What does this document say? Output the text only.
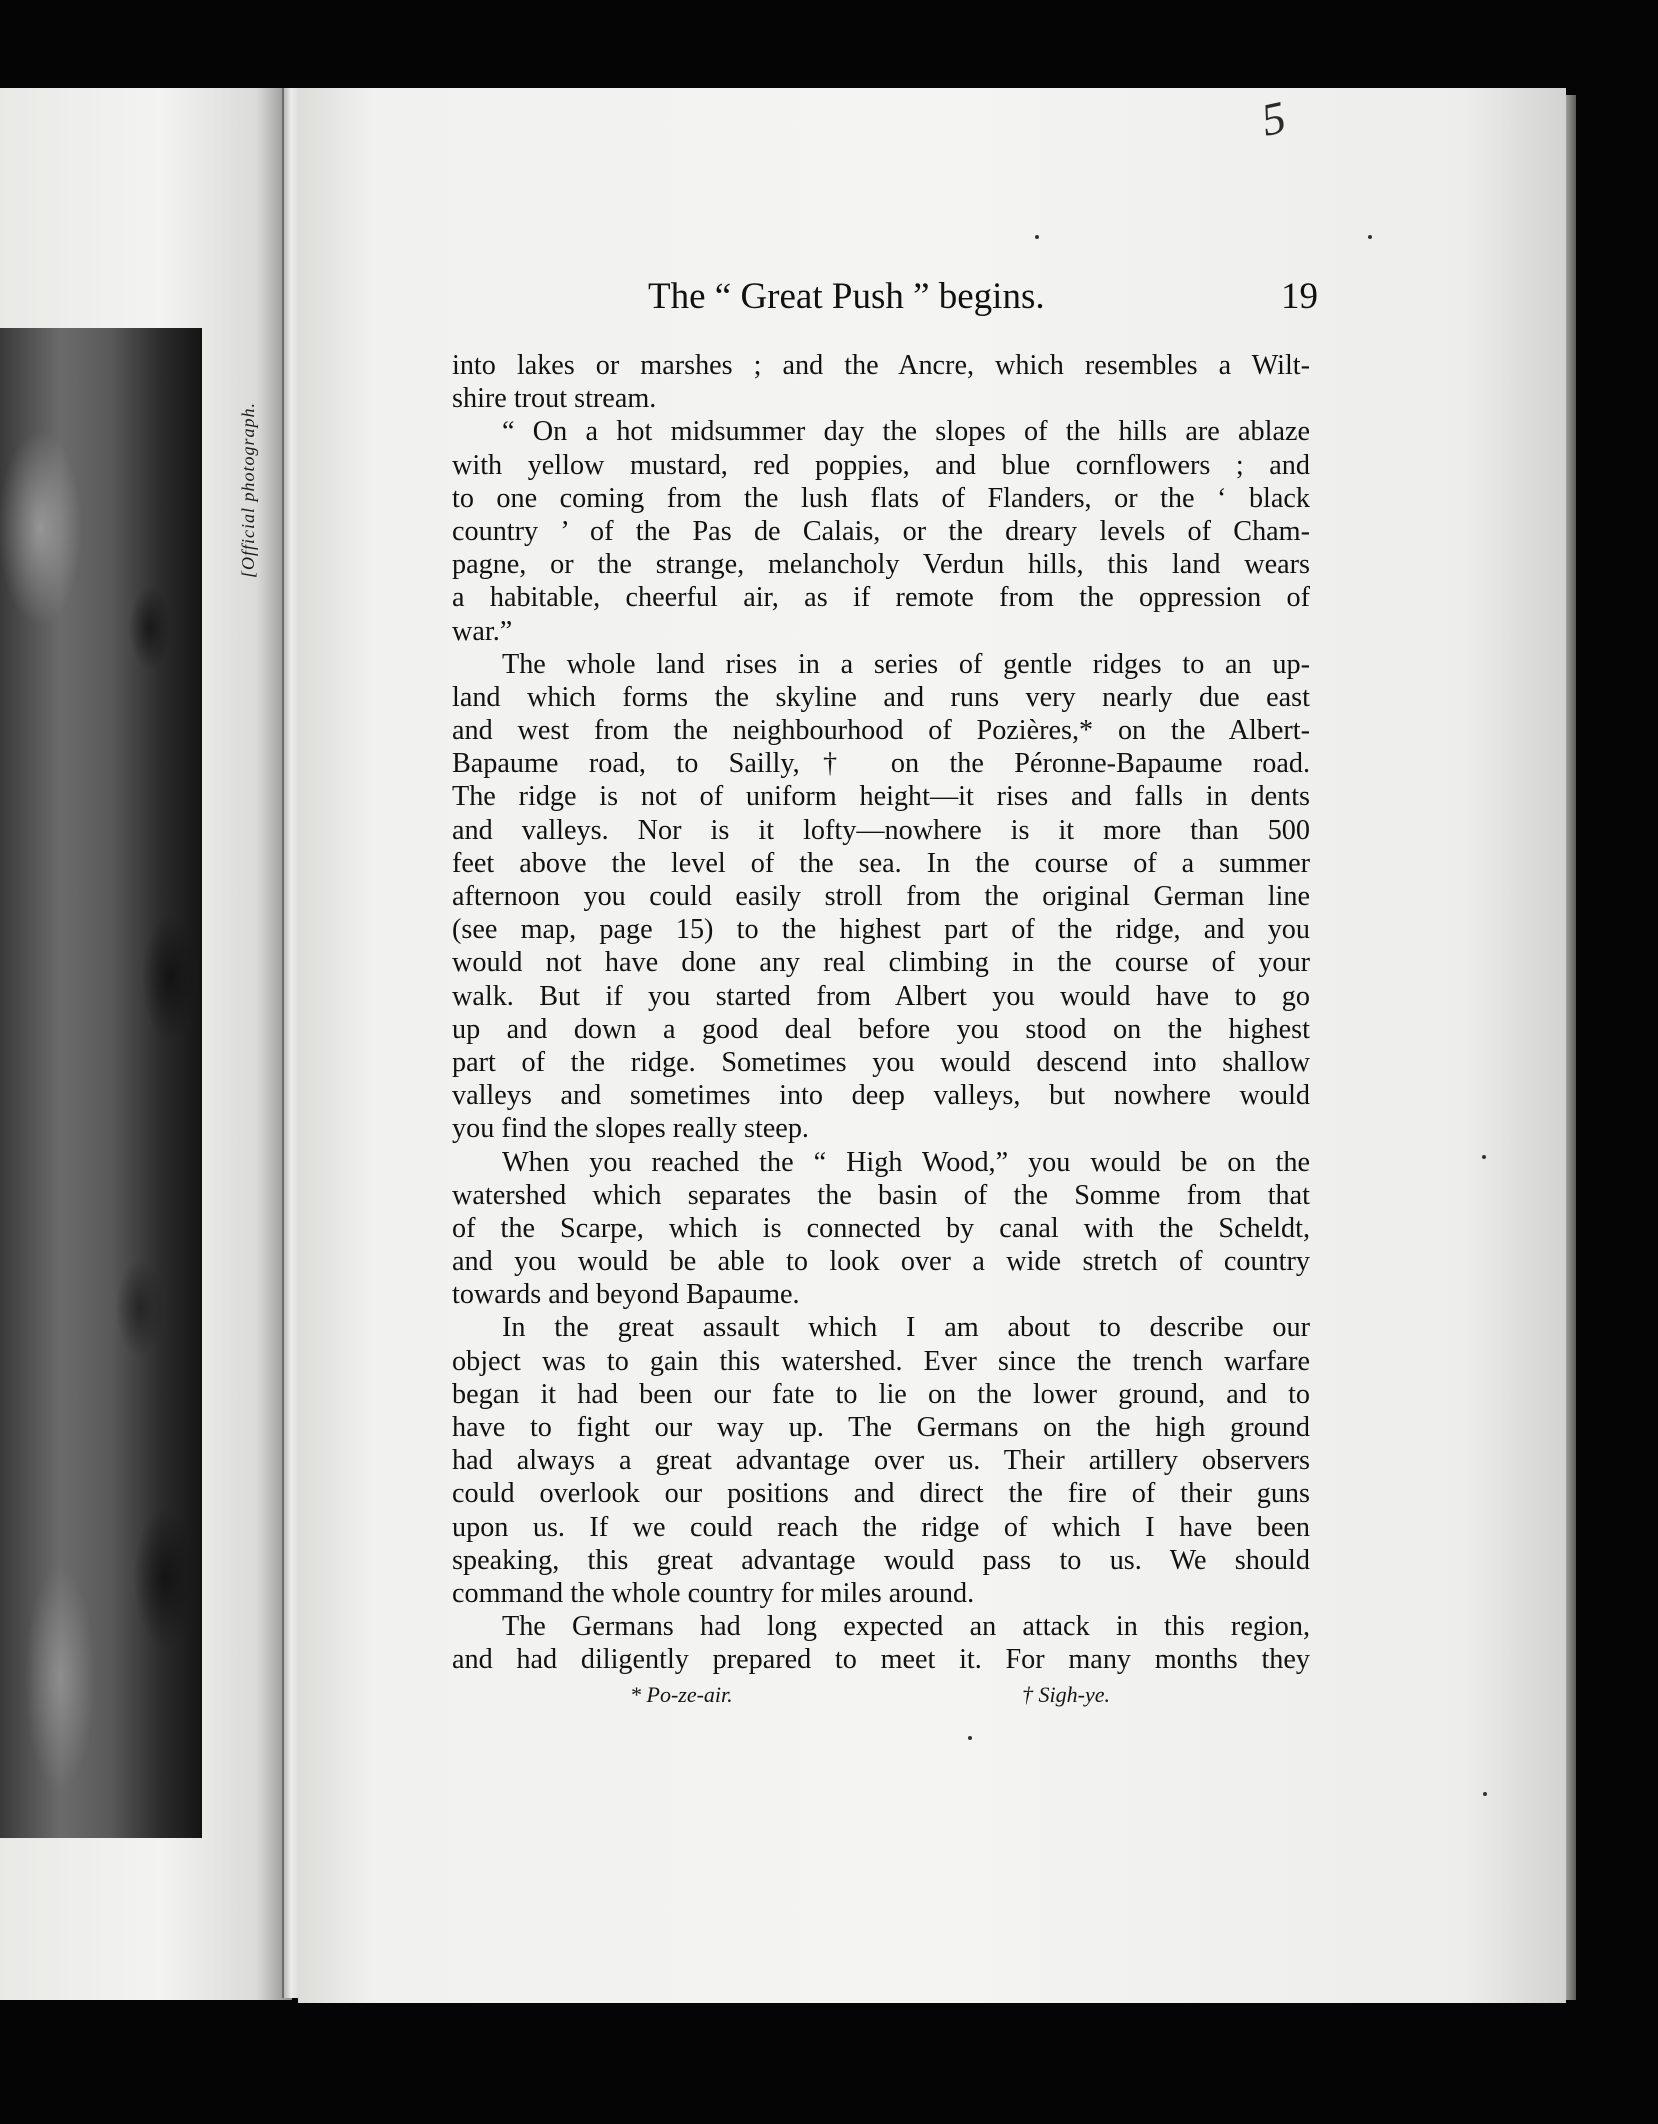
[Official photograph.
5
The “ Great Push ” begins.	19
into lakes or marshes ; and the Ancre, which resembles a Wilt-
shire trout stream.
“ On a hot midsummer day the slopes of the hills are ablaze
with yellow mustard, red poppies, and blue cornflowers ; and
to one coming from the lush flats of Flanders, or the ‘ black
country ’ of the Pas de Calais, or the dreary levels of Cham-
pagne, or the strange, melancholy Verdun hills, this land wears
a habitable, cheerful air, as if remote from the oppression of
war.”
The whole land rises in a series of gentle ridges to an up-
land which forms the skyline and runs very nearly due east
and west from the neighbourhood of Pozières,* on the Albert-
Bapaume road, to Sailly,† on the Péronne-Bapaume road.
The ridge is not of uniform height—it rises and falls in dents
and valleys. Nor is it lofty—nowhere is it more than 500
feet above the level of the sea. In the course of a summer
afternoon you could easily stroll from the original German line
(see map, page 15) to the highest part of the ridge, and you
would not have done any real climbing in the course of your
walk. But if you started from Albert you would have to go
up and down a good deal before you stood on the highest
part of the ridge. Sometimes you would descend into shallow
valleys and sometimes into deep valleys, but nowhere would
you find the slopes really steep.
When you reached the “ High Wood,” you would be on the
watershed which separates the basin of the Somme from that
of the Scarpe, which is connected by canal with the Scheldt,
and you would be able to look over a wide stretch of country
towards and beyond Bapaume.
In the great assault which I am about to describe our
object was to gain this watershed. Ever since the trench warfare
began it had been our fate to lie on the lower ground, and to
have to fight our way up. The Germans on the high ground
had always a great advantage over us. Their artillery observers
could overlook our positions and direct the fire of their guns
upon us. If we could reach the ridge of which I have been
speaking, this great advantage would pass to us. We should
command the whole country for miles around.
The Germans had long expected an attack in this region,
and had diligently prepared to meet it. For many months they
* Po-ze-air.	† Sigh-ye.
